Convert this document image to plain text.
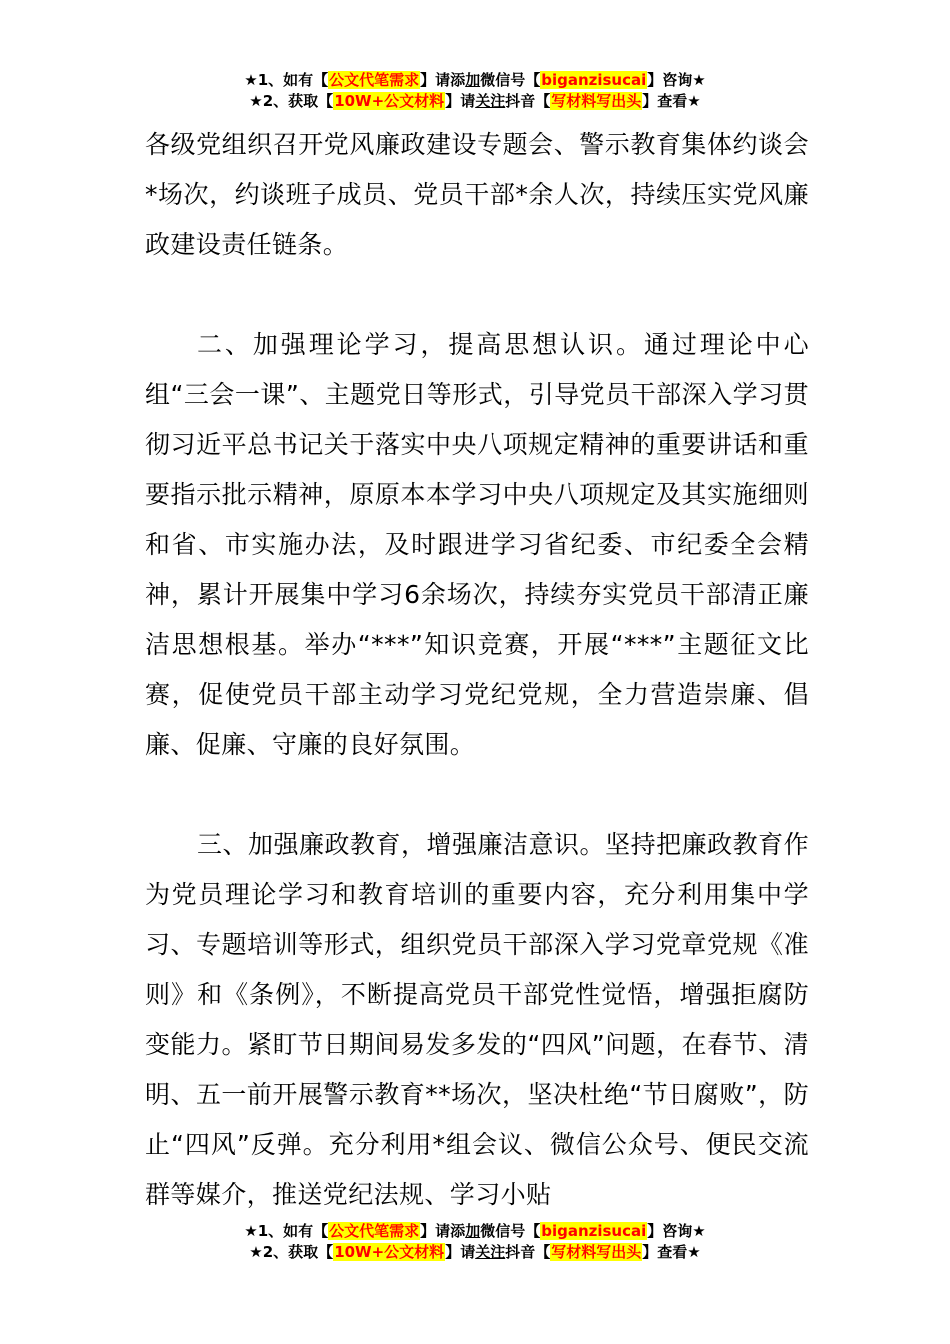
★1、如有【公文代笔需求】请添加微信号【biganzisucai】咨询★
★2、获取【10W+公文材料】请关注抖音【写材料写出头】查看★

各级党组织召开党风廉政建设专题会、警示教育集体约谈会*场次，约谈班子成员、党员干部*余人次，持续压实党风廉政建设责任链条。

二、加强理论学习，提高思想认识。通过理论中心组“三会一课”、主题党日等形式，引导党员干部深入学习贯彻习近平总书记关于落实中央八项规定精神的重要讲话和重要指示批示精神，原原本本学习中央八项规定及其实施细则和省、市实施办法，及时跟进学习省纪委、市纪委全会精神，累计开展集中学习6余场次，持续夯实党员干部清正廉洁思想根基。举办“***”知识竞赛，开展“***”主题征文比赛，促使党员干部主动学习党纪党规，全力营造崇廉、倡廉、促廉、守廉的良好氛围。

三、加强廉政教育，增强廉洁意识。坚持把廉政教育作为党员理论学习和教育培训的重要内容，充分利用集中学习、专题培训等形式，组织党员干部深入学习党章党规《准则》和《条例》，不断提高党员干部党性觉悟，增强拒腐防变能力。紧盯节日期间易发多发的“四风”问题，在春节、清明、五一前开展警示教育**场次，坚决杜绝“节日腐败”，防止“四风”反弹。充分利用*组会议、微信公众号、便民交流群等媒介，推送党纪法规、学习小贴

★1、如有【公文代笔需求】请添加微信号【biganzisucai】咨询★
★2、获取【10W+公文材料】请关注抖音【写材料写出头】查看★
